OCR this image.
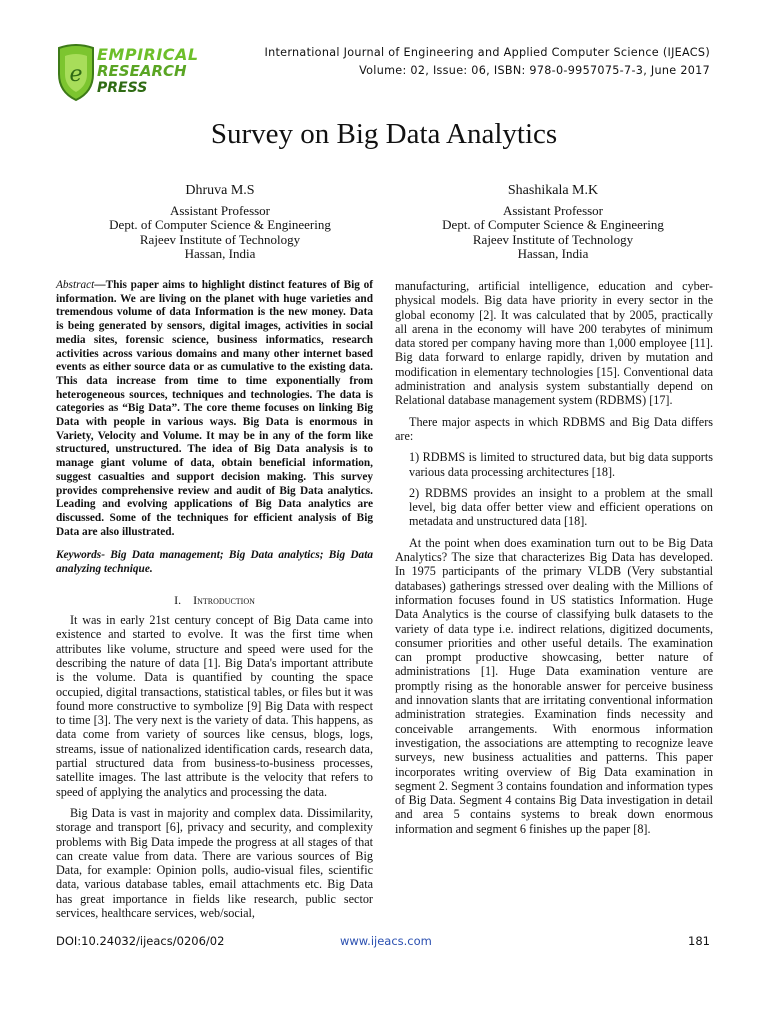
e
EMPIRICAL
RESEARCH
PRESS
International Journal of Engineering and Applied Computer Science (IJEACS)
Volume: 02, Issue: 06, ISBN: 978-0-9957075-7-3, June 2017
Survey on Big Data Analytics
Dhruva M.S
Assistant Professor
Dept. of Computer Science & Engineering
Rajeev Institute of Technology
Hassan, India
Shashikala M.K
Assistant Professor
Dept. of Computer Science & Engineering
Rajeev Institute of Technology
Hassan, India

Abstract—This paper aims to highlight distinct features of Big of information. We are living on the planet with huge varieties and tremendous volume of data Information is the new money. Data is being generated by sensors, digital images, activities in social media sites, forensic science, business informatics, research activities across various domains and many other internet based events as either source data or as cumulative to the existing data. This data increase from time to time exponentially from heterogeneous sources, techniques and technologies. The data is categories as “Big Data”. The core theme focuses on linking Big Data with people in various ways. Big Data is enormous in Variety, Velocity and Volume. It may be in any of the form like structured, unstructured. The idea of Big Data analysis is to manage giant volume of data, obtain beneficial information, suggest casualties and support decision making. This survey provides comprehensive review and audit of Big Data analytics. Leading and evolving applications of Big Data analytics are discussed. Some of the techniques for efficient analysis of Big Data are also illustrated.

Keywords- Big Data management; Big Data analytics; Big Data analyzing technique.

I. Introduction

It was in early 21st century concept of Big Data came into existence and started to evolve. It was the first time when attributes like volume, structure and speed were used for the describing the nature of data [1]. Big Data's important attribute is the volume. Data is quantified by counting the space occupied, digital transactions, statistical tables, or files but it was found more constructive to symbolize [9] Big Data with respect to time [3]. The very next is the variety of data. This happens, as data come from variety of sources like census, blogs, logs, streams, issue of nationalized identification cards, research data, partial structured data from business-to-business processes, satellite images. The last attribute is the velocity that refers to speed of applying the analytics and processing the data.

Big Data is vast in majority and complex data. Dissimilarity, storage and transport [6], privacy and security, and complexity problems with Big Data impede the progress at all stages of that can create value from data. There are various sources of Big Data, for example: Opinion polls, audio-visual files, scientific data, various database tables, email attachments etc. Big Data has great importance in fields like research, public sector services, healthcare services, web/social,

manufacturing, artificial intelligence, education and cyber-physical models. Big data have priority in every sector in the global economy [2]. It was calculated that by 2005, practically all arena in the economy will have 200 terabytes of minimum data stored per company having more than 1,000 employee [11]. Big data forward to enlarge rapidly, driven by mutation and modification in elementary technologies [15]. Conventional data administration and analysis system substantially depend on Relational database management system (RDBMS) [17].

There major aspects in which RDBMS and Big Data differs are:

1) RDBMS is limited to structured data, but big data supports various data processing architectures [18].

2) RDBMS provides an insight to a problem at the small level, big data offer better view and efficient operations on metadata and unstructured data [18].

At the point when does examination turn out to be Big Data Analytics? The size that characterizes Big Data has developed. In 1975 participants of the primary VLDB (Very substantial databases) gatherings stressed over dealing with the Millions of information focuses found in US statistics Information. Huge Data Analytics is the course of classifying bulk datasets to the variety of data type i.e. indirect relations, digitized documents, consumer priorities and other useful details. The examination can prompt productive showcasing, better nature of administrations [1]. Huge Data examination venture are promptly rising as the honorable answer for perceive business and innovation slants that are irritating conventional information administration strategies. Examination finds necessity and conceivable arrangements. With enormous information investigation, the associations are attempting to recognize leave surveys, new business actualities and patterns. This paper incorporates writing overview of Big Data examination in segment 2. Segment 3 contains foundation and information types of Big Data. Segment 4 contains Big Data investigation in detail and area 5 contains systems to break down enormous information and segment 6 finishes up the paper [8].

DOI:10.24032/ijeacs/0206/02	www.ijeacs.com	181
